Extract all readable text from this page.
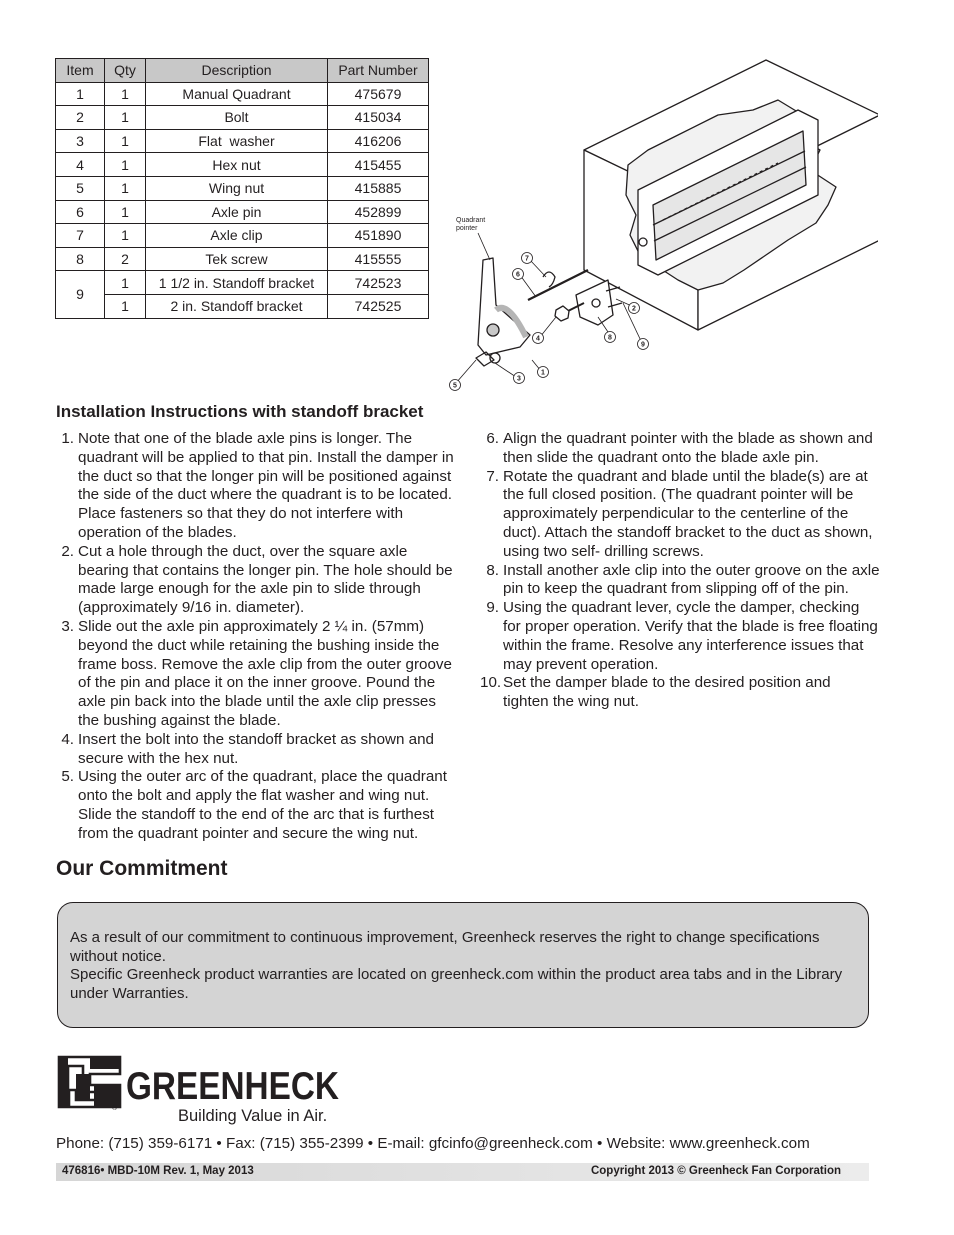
Item	Qty	Description	Part Number
1	1	Manual Quadrant	475679
2	1	Bolt	415034
3	1	Flat  washer	416206
4	1	Hex nut	415455
5	1	Wing nut	415885
6	1	Axle pin	452899
7	1	Axle clip	451890
8	2	Tek screw	415555
9	1	1 1/2 in. Standoff bracket	742523
	1	2 in. Standoff bracket	742525
Quadrant
pointer
7
6
2
4	8
9
1
3
5
Installation Instructions with standoff bracket
1. Note that one of the blade axle pins is longer. The quadrant will be applied to that pin. Install the damper in the duct so that the longer pin will be positioned against the side of the duct where the quadrant is to be located. Place fasteners so that they do not interfere with operation of the blades.
2. Cut a hole through the duct, over the square axle bearing that contains the longer pin. The hole should be made large enough for the axle pin to slide through (approximately 9/16 in. diameter).
3. Slide out the axle pin approximately 2 ¼ in. (57mm) beyond the duct while retaining the bushing inside the frame boss. Remove the axle clip from the outer groove of the pin and place it on the inner groove. Pound the axle pin back into the blade until the axle clip presses the bushing against the blade.
4. Insert the bolt into the standoff bracket as shown and secure with the hex nut.
5. Using the outer arc of the quadrant, place the quadrant onto the bolt and apply the flat washer and wing nut. Slide the standoff to the end of the arc that is furthest from the quadrant pointer and secure the wing nut.
6. Align the quadrant pointer with the blade as shown and then slide the quadrant onto the blade axle pin.
7. Rotate the quadrant and blade until the blade(s) are at the full closed position. (The quadrant pointer will be approximately perpendicular to the centerline of the duct). Attach the standoff bracket to the duct as shown, using two self- drilling screws.
8. Install another axle clip into the outer groove on the axle pin to keep the quadrant from slipping off of the pin.
9. Using the quadrant lever, cycle the damper, checking for proper operation. Verify that the blade is free floating within the frame. Resolve any interference issues that may prevent operation.
10. Set the damper blade to the desired position and tighten the wing nut.
Our Commitment

As a result of our commitment to continuous improvement, Greenheck reserves the right to change specifications without notice.

Specific Greenheck product warranties are located on greenheck.com within the product area tabs and in the Library under Warranties.

®
GREENHECK
Building Value in Air.
Phone: (715) 359-6171 • Fax: (715) 355-2399 • E-mail: gfcinfo@greenheck.com • Website: www.greenheck.com
476816• MBD-10M Rev. 1, May 2013	Copyright 2013 © Greenheck Fan Corporation
